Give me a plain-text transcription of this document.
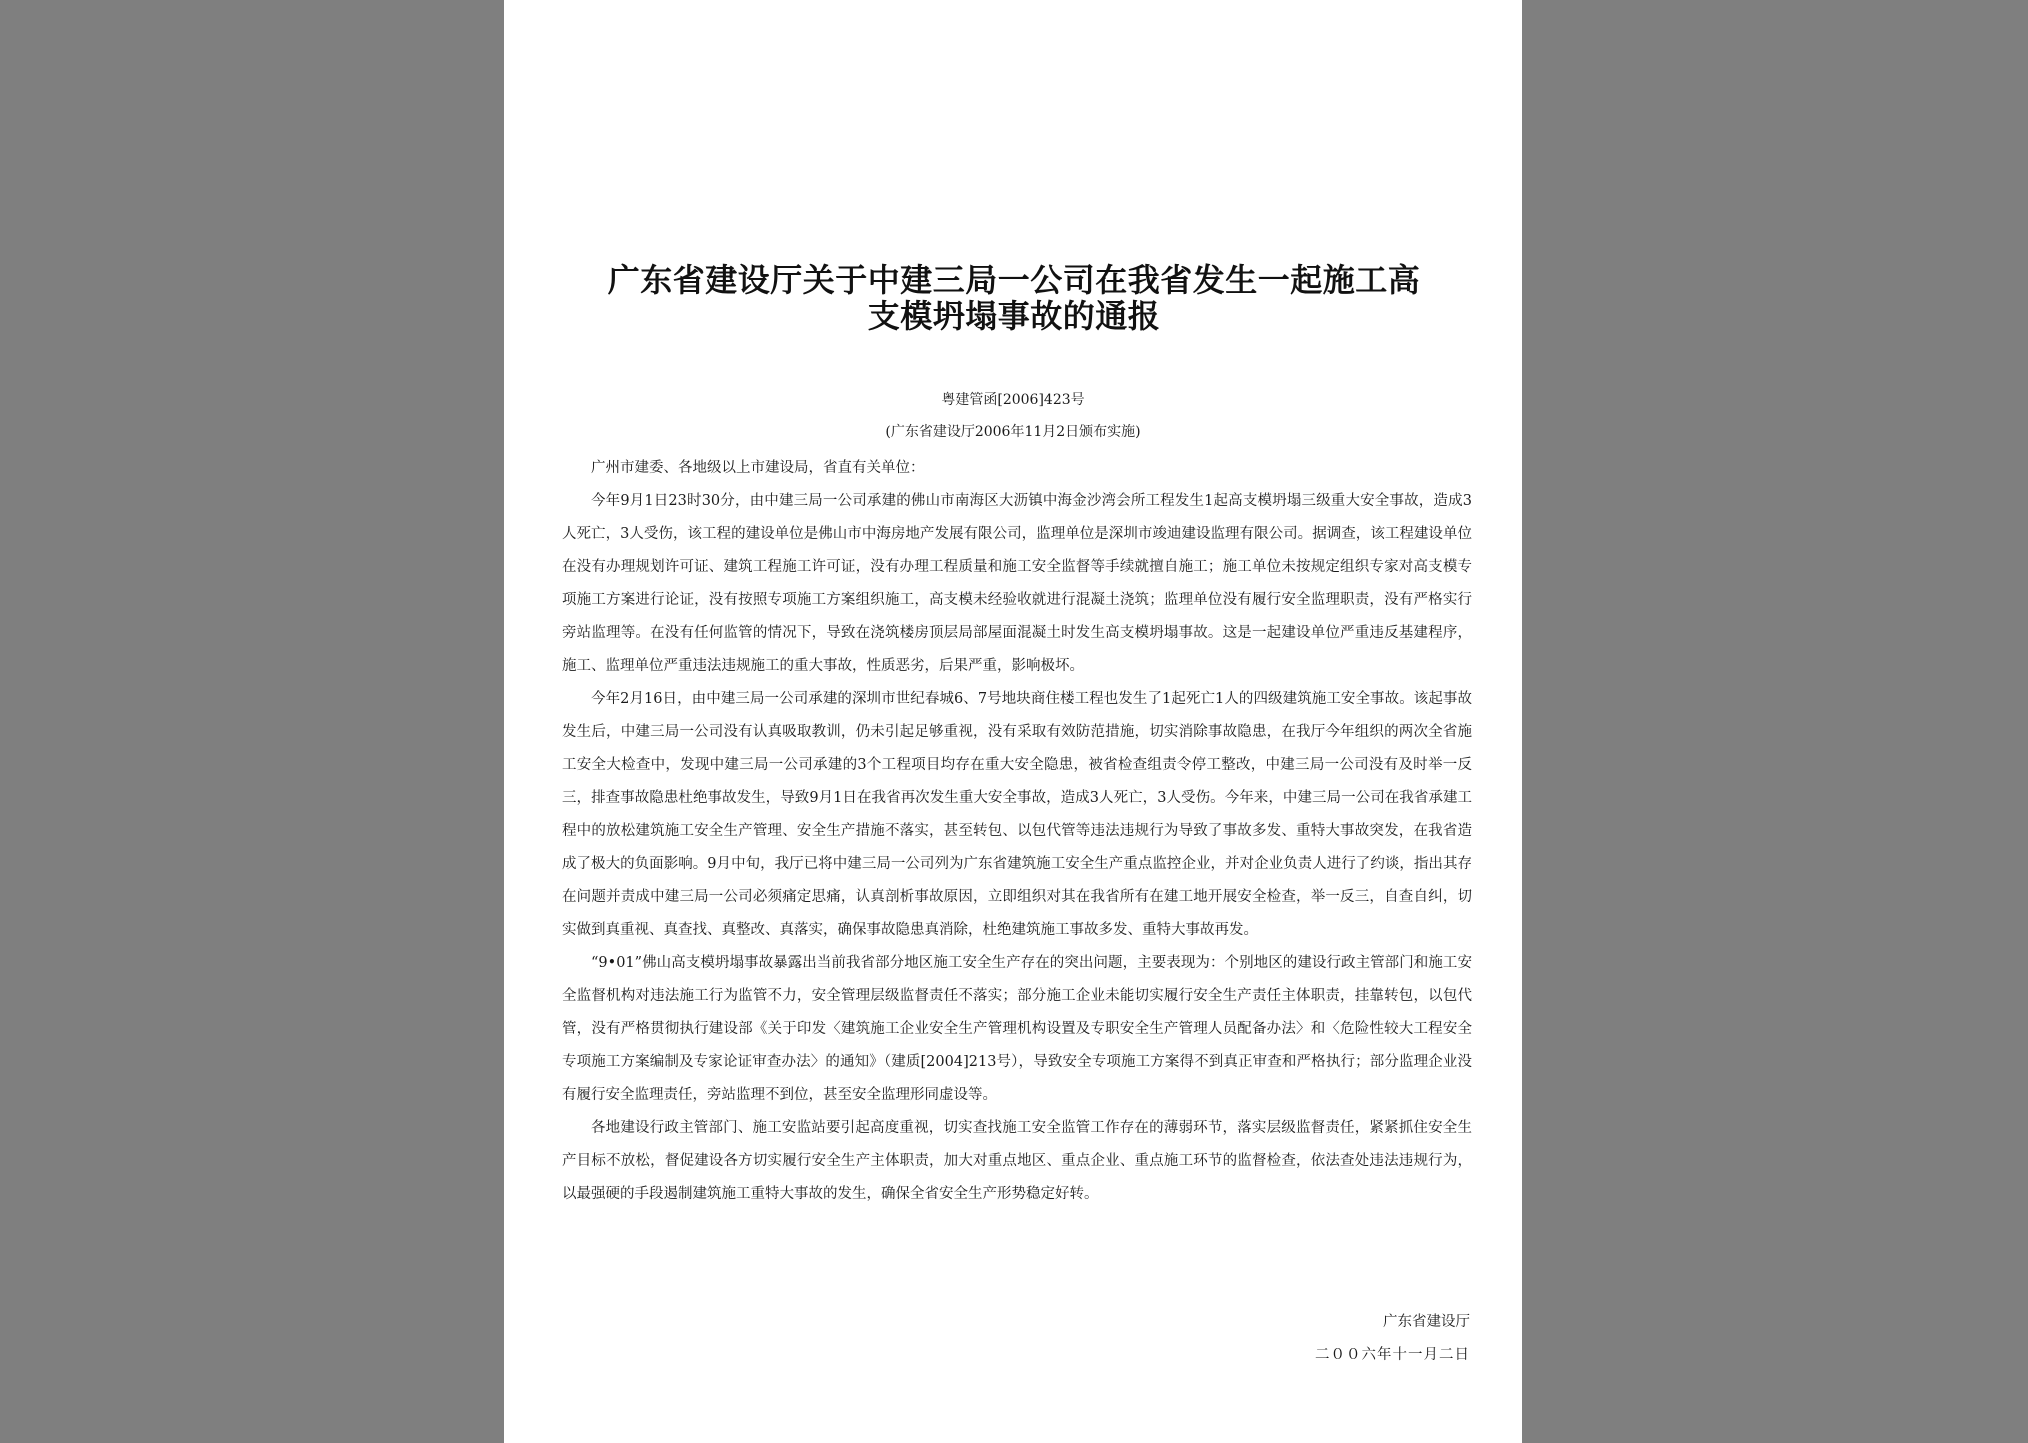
广东省建设厅关于中建三局一公司在我省发生一起施工高支模坍塌事故的通报
粤建管函[2006]423号
(广东省建设厅2006年11月2日颁布实施)

广州市建委、各地级以上市建设局，省直有关单位：

今年9月1日23时30分，由中建三局一公司承建的佛山市南海区大沥镇中海金沙湾会所工程发生1起高支模坍塌三级重大安全事故，造成3人死亡，3人受伤，该工程的建设单位是佛山市中海房地产发展有限公司，监理单位是深圳市竣迪建设监理有限公司。据调查，该工程建设单位在没有办理规划许可证、建筑工程施工许可证，没有办理工程质量和施工安全监督等手续就擅自施工；施工单位未按规定组织专家对高支模专项施工方案进行论证，没有按照专项施工方案组织施工，高支模未经验收就进行混凝土浇筑；监理单位没有履行安全监理职责，没有严格实行旁站监理等。在没有任何监管的情况下，导致在浇筑楼房顶层局部屋面混凝土时发生高支模坍塌事故。这是一起建设单位严重违反基建程序，施工、监理单位严重违法违规施工的重大事故，性质恶劣，后果严重，影响极坏。

今年2月16日，由中建三局一公司承建的深圳市世纪春城6、7号地块商住楼工程也发生了1起死亡1人的四级建筑施工安全事故。该起事故发生后，中建三局一公司没有认真吸取教训，仍未引起足够重视，没有采取有效防范措施，切实消除事故隐患，在我厅今年组织的两次全省施工安全大检查中，发现中建三局一公司承建的3个工程项目均存在重大安全隐患，被省检查组责令停工整改，中建三局一公司没有及时举一反三，排查事故隐患杜绝事故发生，导致9月1日在我省再次发生重大安全事故，造成3人死亡，3人受伤。今年来，中建三局一公司在我省承建工程中的放松建筑施工安全生产管理、安全生产措施不落实，甚至转包、以包代管等违法违规行为导致了事故多发、重特大事故突发，在我省造成了极大的负面影响。9月中旬，我厅已将中建三局一公司列为广东省建筑施工安全生产重点监控企业，并对企业负责人进行了约谈，指出其存在问题并责成中建三局一公司必须痛定思痛，认真剖析事故原因，立即组织对其在我省所有在建工地开展安全检查，举一反三，自查自纠，切实做到真重视、真查找、真整改、真落实，确保事故隐患真消除，杜绝建筑施工事故多发、重特大事故再发。

“9•01”佛山高支模坍塌事故暴露出当前我省部分地区施工安全生产存在的突出问题，主要表现为：个别地区的建设行政主管部门和施工安全监督机构对违法施工行为监管不力，安全管理层级监督责任不落实；部分施工企业未能切实履行安全生产责任主体职责，挂靠转包，以包代管，没有严格贯彻执行建设部《关于印发〈建筑施工企业安全生产管理机构设置及专职安全生产管理人员配备办法〉和〈危险性较大工程安全专项施工方案编制及专家论证审查办法〉的通知》（建质[2004]213号），导致安全专项施工方案得不到真正审查和严格执行；部分监理企业没有履行安全监理责任，旁站监理不到位，甚至安全监理形同虚设等。

各地建设行政主管部门、施工安监站要引起高度重视，切实查找施工安全监管工作存在的薄弱环节，落实层级监督责任，紧紧抓住安全生产目标不放松，督促建设各方切实履行安全生产主体职责，加大对重点地区、重点企业、重点施工环节的监督检查，依法查处违法违规行为，以最强硬的手段遏制建筑施工重特大事故的发生，确保全省安全生产形势稳定好转。

广东省建设厅
二００六年十一月二日
